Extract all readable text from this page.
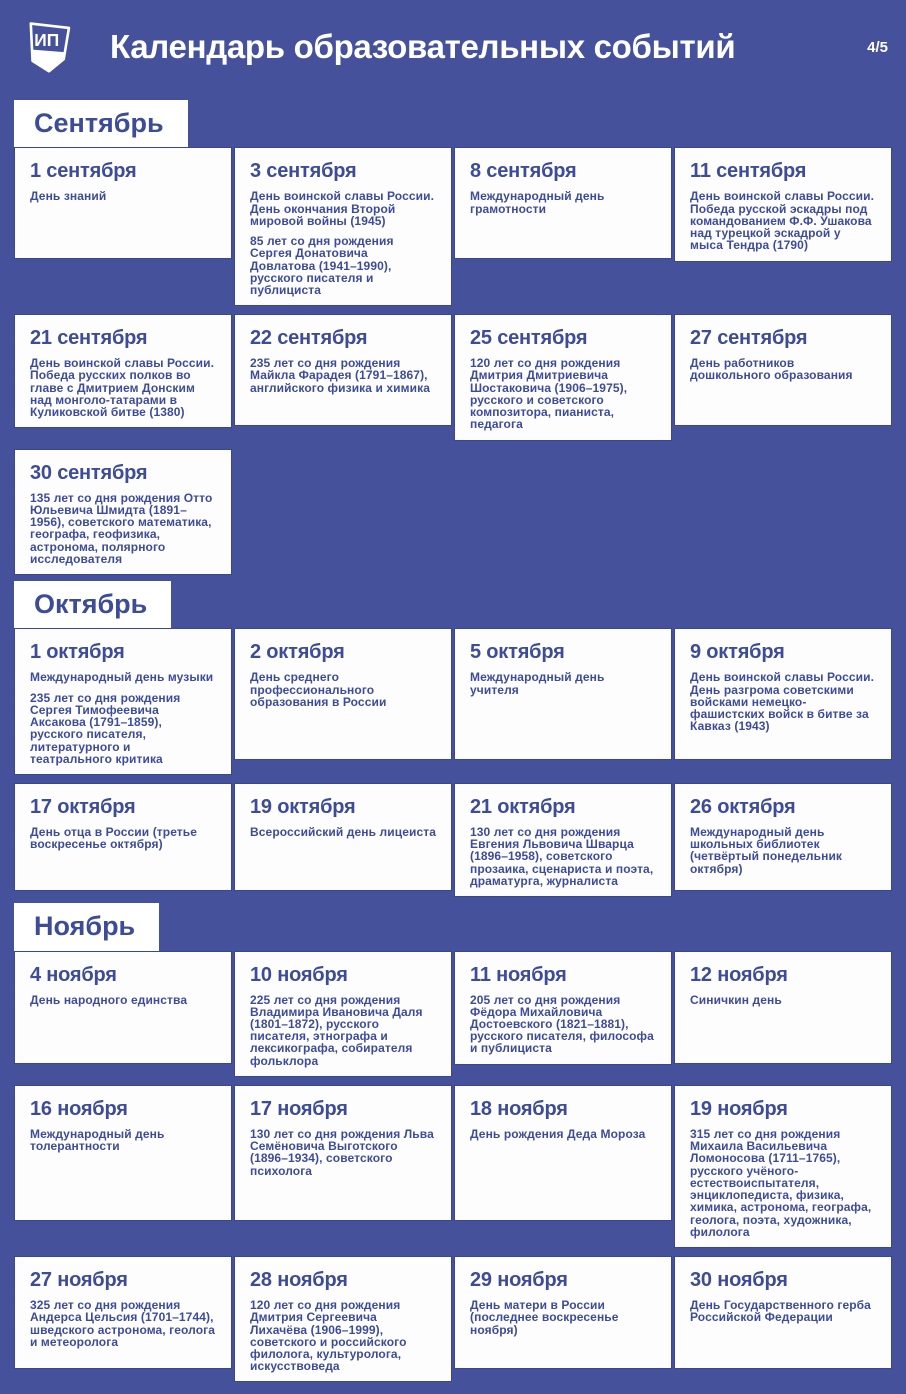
ИП Календарь образовательных событий	4/5
Сентябрь
1 сентября

День знаний

3 сентября

День воинской славы России. День окончания Второй мировой войны (1945)

85 лет со дня рождения Сергея Донатовича Довлатова (1941–1990), русского писателя и публициста

8 сентября

Международный день грамотности

11 сентября

День воинской славы России. Победа русской эскадры под командованием Ф.Ф. Ушакова над турецкой эскадрой у мыса Тендра (1790)

21 сентября

День воинской славы России. Победа русских полков во главе с Дмитрием Донским над монголо-татарами в Куликовской битве (1380)

22 сентября

235 лет со дня рождения Майкла Фарадея (1791–1867), английского физика и химика

25 сентября

120 лет со дня рождения Дмитрия Дмитриевича Шостаковича (1906–1975), русского и советского композитора, пианиста, педагога

27 сентября

День работников дошкольного образования

30 сентября

135 лет со дня рождения Отто Юльевича Шмидта (1891–1956), советского математика, географа, геофизика, астронома, полярного исследователя

Октябрь
1 октября

Международный день музыки

235 лет со дня рождения Сергея Тимофеевича Аксакова (1791–1859), русского писателя, литературного и театрального критика

2 октября

День среднего профессионального образования в России

5 октября

Международный день учителя

9 октября

День воинской славы России. День разгрома советскими войсками немецко-фашистских войск в битве за Кавказ (1943)

17 октября

День отца в России (третье воскресенье октября)

19 октября

Всероссийский день лицеиста

21 октября

130 лет со дня рождения Евгения Львовича Шварца (1896–1958), советского прозаика, сценариста и поэта, драматурга, журналиста

26 октября

Международный день школьных библиотек (четвёртый понедельник октября)

Ноябрь
4 ноября

День народного единства

10 ноября

225 лет со дня рождения Владимира Ивановича Даля (1801–1872), русского писателя, этнографа и лексикографа, собирателя фольклора

11 ноября

205 лет со дня рождения Фёдора Михайловича Достоевского (1821–1881), русского писателя, философа и публициста

12 ноября

Синичкин день

16 ноября

Международный день толерантности

17 ноября

130 лет со дня рождения Льва Семёновича Выготского (1896–1934), советского психолога

18 ноября

День рождения Деда Мороза

19 ноября

315 лет со дня рождения Михаила Васильевича Ломоносова (1711–1765), русского учёного-естествоиспытателя, энциклопедиста, физика, химика, астронома, географа, геолога, поэта, художника, филолога

27 ноября

325 лет со дня рождения Андерса Цельсия (1701–1744), шведского астронома, геолога и метеоролога

28 ноября

120 лет со дня рождения Дмитрия Сергеевича Лихачёва (1906–1999), советского и российского филолога, культуролога, искусствоведа

29 ноября

День матери в России (последнее воскресенье ноября)

30 ноября

День Государственного герба Российской Федерации
